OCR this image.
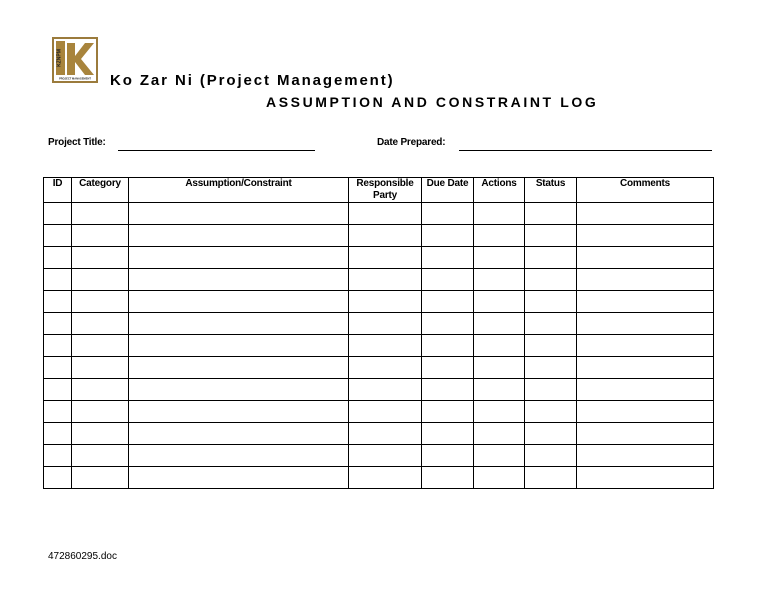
KZNPM
PROJECT MANAGEMENT Ko Zar Ni (Project Management)
ASSUMPTION AND CONSTRAINT LOG
Project Title:	Date Prepared:
ID	Category	Assumption/Constraint	Responsible Party	Due Date	Actions	Status	Comments

472860295.doc
